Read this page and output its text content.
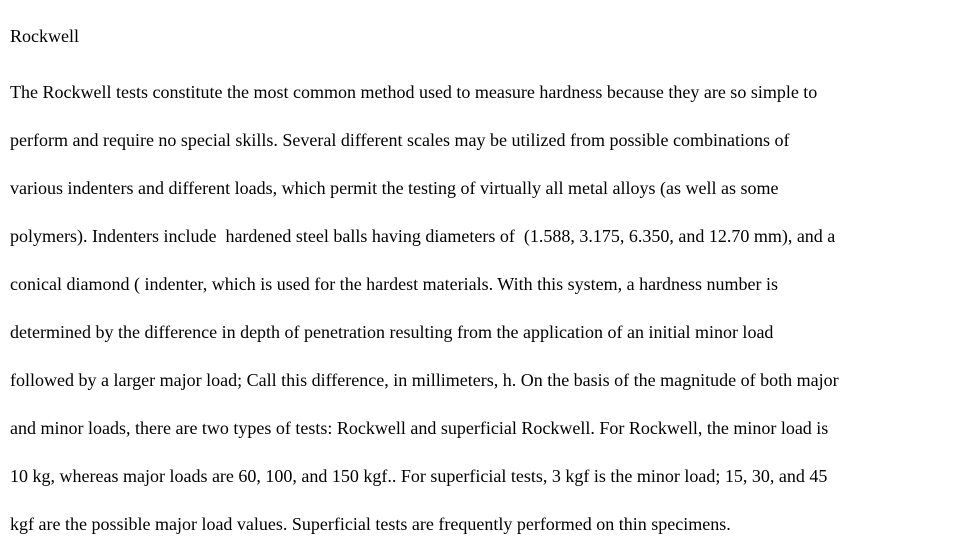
Rockwell
The Rockwell tests constitute the most common method used to measure hardness because they are so simple to
perform and require no special skills. Several different scales may be utilized from possible combinations of
various indenters and different loads, which permit the testing of virtually all metal alloys (as well as some
polymers). Indenters include  hardened steel balls having diameters of  (1.588, 3.175, 6.350, and 12.70 mm), and a
conical diamond ( indenter, which is used for the hardest materials. With this system, a hardness number is
determined by the difference in depth of penetration resulting from the application of an initial minor load
followed by a larger major load; Call this difference, in millimeters, h. On the basis of the magnitude of both major
and minor loads, there are two types of tests: Rockwell and superficial Rockwell. For Rockwell, the minor load is
10 kg, whereas major loads are 60, 100, and 150 kgf.. For superficial tests, 3 kgf is the minor load; 15, 30, and 45
kgf are the possible major load values. Superficial tests are frequently performed on thin specimens.
